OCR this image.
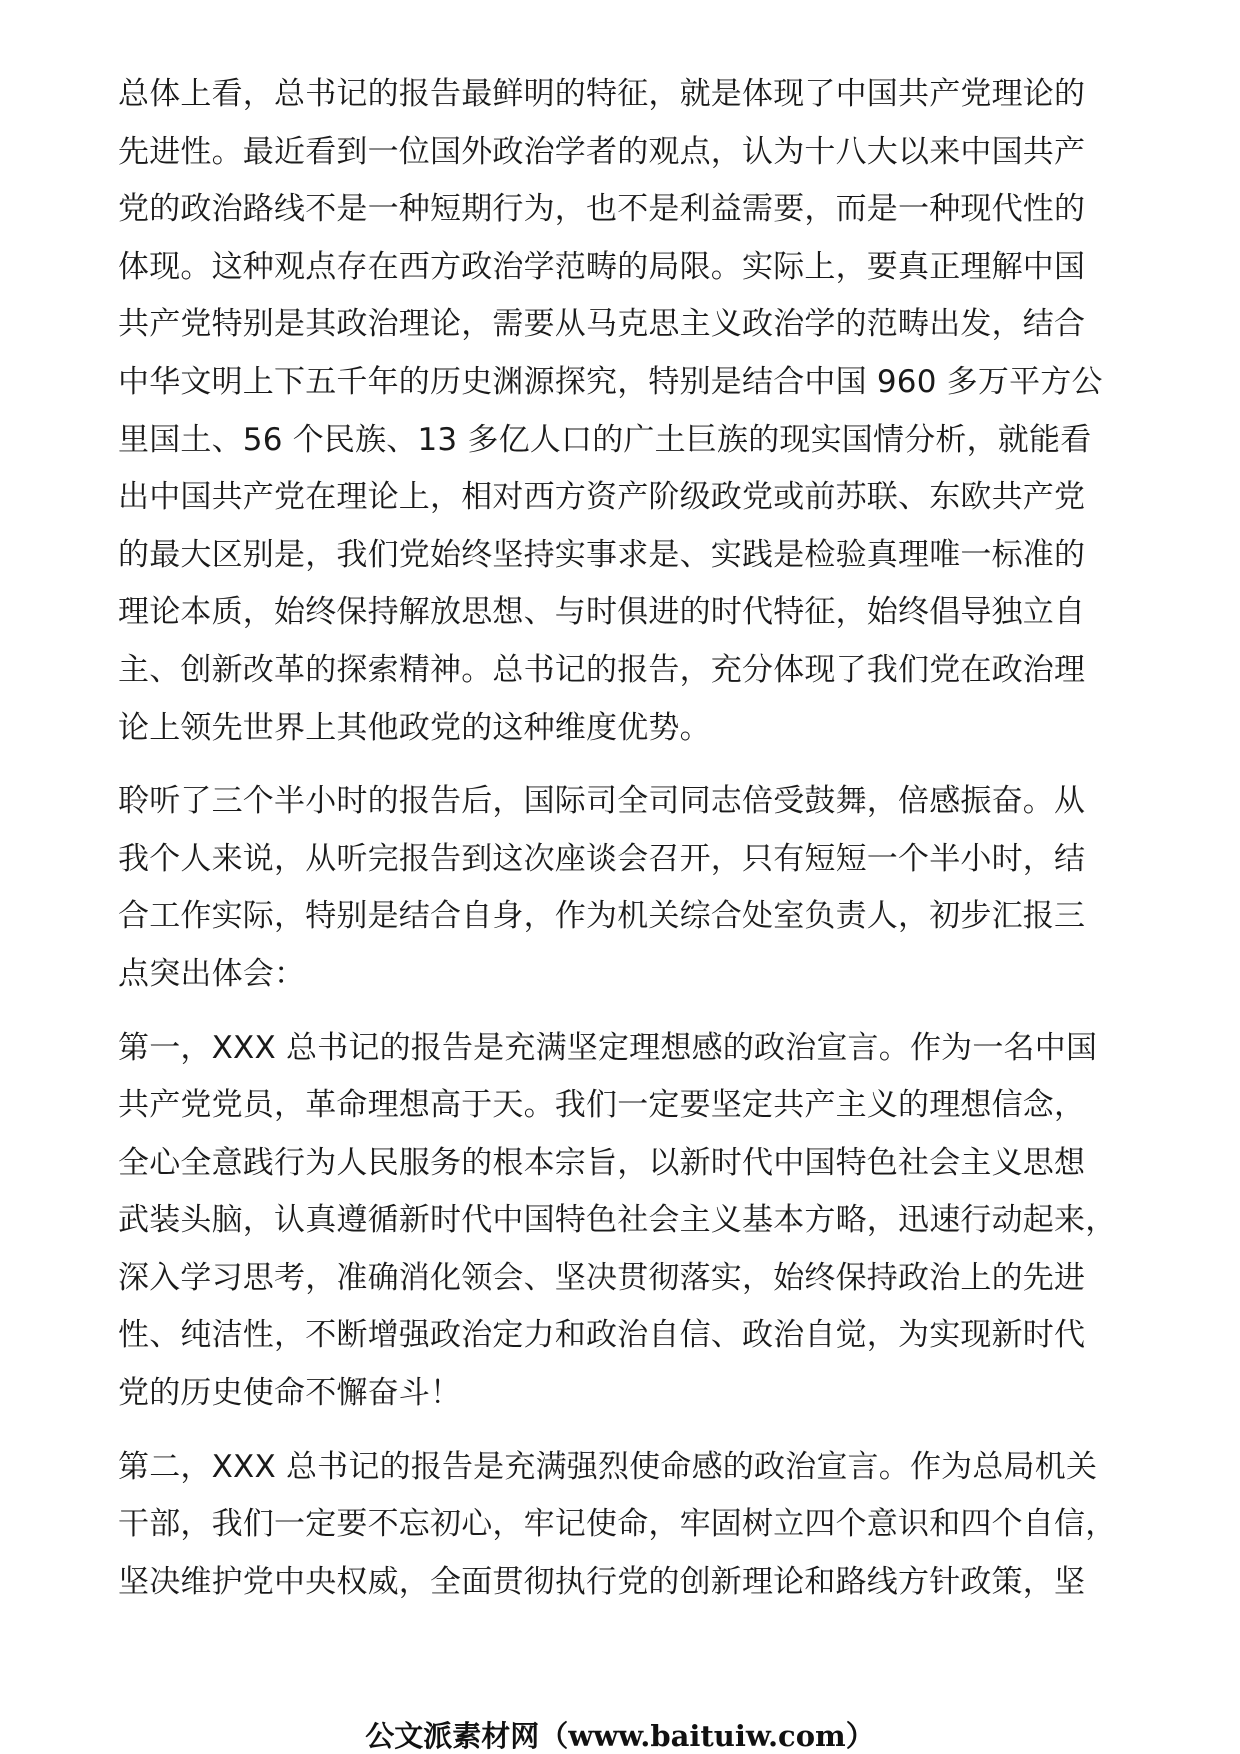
总体上看，总书记的报告最鲜明的特征，就是体现了中国共产党理论的
先进性。最近看到一位国外政治学者的观点，认为十八大以来中国共产
党的政治路线不是一种短期行为，也不是利益需要，而是一种现代性的
体现。这种观点存在西方政治学范畴的局限。实际上，要真正理解中国
共产党特别是其政治理论，需要从马克思主义政治学的范畴出发，结合
中华文明上下五千年的历史渊源探究，特别是结合中国 960 多万平方公
里国土、56 个民族、13 多亿人口的广土巨族的现实国情分析，就能看
出中国共产党在理论上，相对西方资产阶级政党或前苏联、东欧共产党
的最大区别是，我们党始终坚持实事求是、实践是检验真理唯一标准的
理论本质，始终保持解放思想、与时俱进的时代特征，始终倡导独立自
主、创新改革的探索精神。总书记的报告，充分体现了我们党在政治理
论上领先世界上其他政党的这种维度优势。

聆听了三个半小时的报告后，国际司全司同志倍受鼓舞，倍感振奋。从
我个人来说，从听完报告到这次座谈会召开，只有短短一个半小时，结
合工作实际，特别是结合自身，作为机关综合处室负责人，初步汇报三
点突出体会：

第一，XXX 总书记的报告是充满坚定理想感的政治宣言。作为一名中国
共产党党员，革命理想高于天。我们一定要坚定共产主义的理想信念，
全心全意践行为人民服务的根本宗旨，以新时代中国特色社会主义思想
武装头脑，认真遵循新时代中国特色社会主义基本方略，迅速行动起来，
深入学习思考，准确消化领会、坚决贯彻落实，始终保持政治上的先进
性、纯洁性，不断增强政治定力和政治自信、政治自觉，为实现新时代
党的历史使命不懈奋斗！

第二，XXX 总书记的报告是充满强烈使命感的政治宣言。作为总局机关
干部，我们一定要不忘初心，牢记使命，牢固树立四个意识和四个自信，
坚决维护党中央权威，全面贯彻执行党的创新理论和路线方针政策，坚

公文派素材网（www.baituiw.com）
